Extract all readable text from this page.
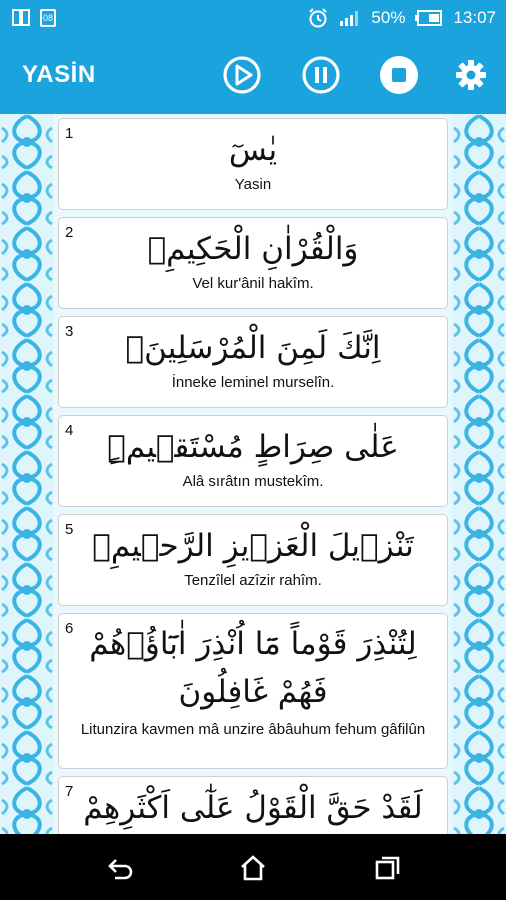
08	50%	13:07
YASİN
1	يٰسٓ
Yasin
2	وَالْقُرْاٰنِ الْحَكِيمِۙ
Vel kur'ânil hakîm.
3	اِنَّكَ لَمِنَ الْمُرْسَلِينَۙ
İnneke leminel murselîn.
4	عَلٰى صِرَاطٍ مُسْتَقٖيمٍۜ
Alâ sırâtın mustekîm.
5 تَنْزٖيلَ الْعَزٖيزِ الرَّحٖيمِۙ
Tenzîlel azîzir rahîm.
6 لِتُنْذِرَ قَوْماً مَٓا اُنْذِرَ اٰبَٓاؤُ۬هُمْ فَهُمْ غَافِلُونَ
Litunzira kavmen mâ unzire âbâuhum fehum gâfilûn
7 لَقَدْ حَقَّ الْقَوْلُ عَلٰٓى اَكْثَرِهِمْ
